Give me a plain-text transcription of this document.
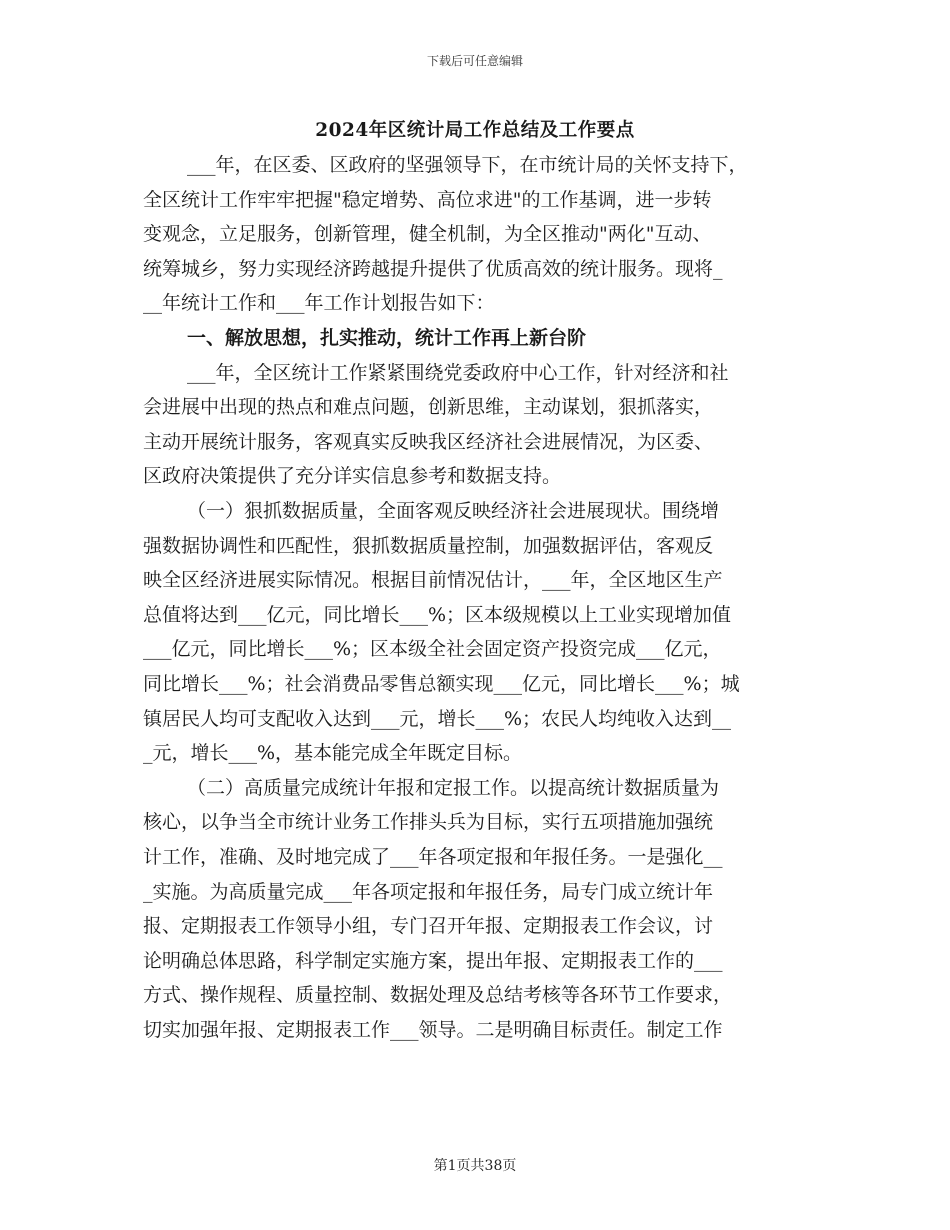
下载后可任意编辑
2024年区统计局工作总结及工作要点
___年，在区委、区政府的坚强领导下，在市统计局的关怀支持下，
全区统计工作牢牢把握"稳定增势、高位求进"的工作基调，进一步转
变观念，立足服务，创新管理，健全机制，为全区推动"两化"互动、
统筹城乡，努力实现经济跨越提升提供了优质高效的统计服务。现将_
__年统计工作和___年工作计划报告如下：
一、解放思想，扎实推动，统计工作再上新台阶
___年，全区统计工作紧紧围绕党委政府中心工作，针对经济和社
会进展中出现的热点和难点问题，创新思维，主动谋划，狠抓落实，
主动开展统计服务，客观真实反映我区经济社会进展情况，为区委、
区政府决策提供了充分详实信息参考和数据支持。
（一）狠抓数据质量，全面客观反映经济社会进展现状。围绕增
强数据协调性和匹配性，狠抓数据质量控制，加强数据评估，客观反
映全区经济进展实际情况。根据目前情况估计，___年，全区地区生产
总值将达到___亿元，同比增长___%；区本级规模以上工业实现增加值
___亿元，同比增长___%；区本级全社会固定资产投资完成___亿元，
同比增长___%；社会消费品零售总额实现___亿元，同比增长___%；城
镇居民人均可支配收入达到___元，增长___%；农民人均纯收入达到__
_元，增长___%，基本能完成全年既定目标。
（二）高质量完成统计年报和定报工作。以提高统计数据质量为
核心，以争当全市统计业务工作排头兵为目标，实行五项措施加强统
计工作，准确、及时地完成了___年各项定报和年报任务。一是强化__
_实施。为高质量完成___年各项定报和年报任务，局专门成立统计年
报、定期报表工作领导小组，专门召开年报、定期报表工作会议，讨
论明确总体思路，科学制定实施方案，提出年报、定期报表工作的___
方式、操作规程、质量控制、数据处理及总结考核等各环节工作要求，
切实加强年报、定期报表工作___领导。二是明确目标责任。制定工作
第1页共38页
